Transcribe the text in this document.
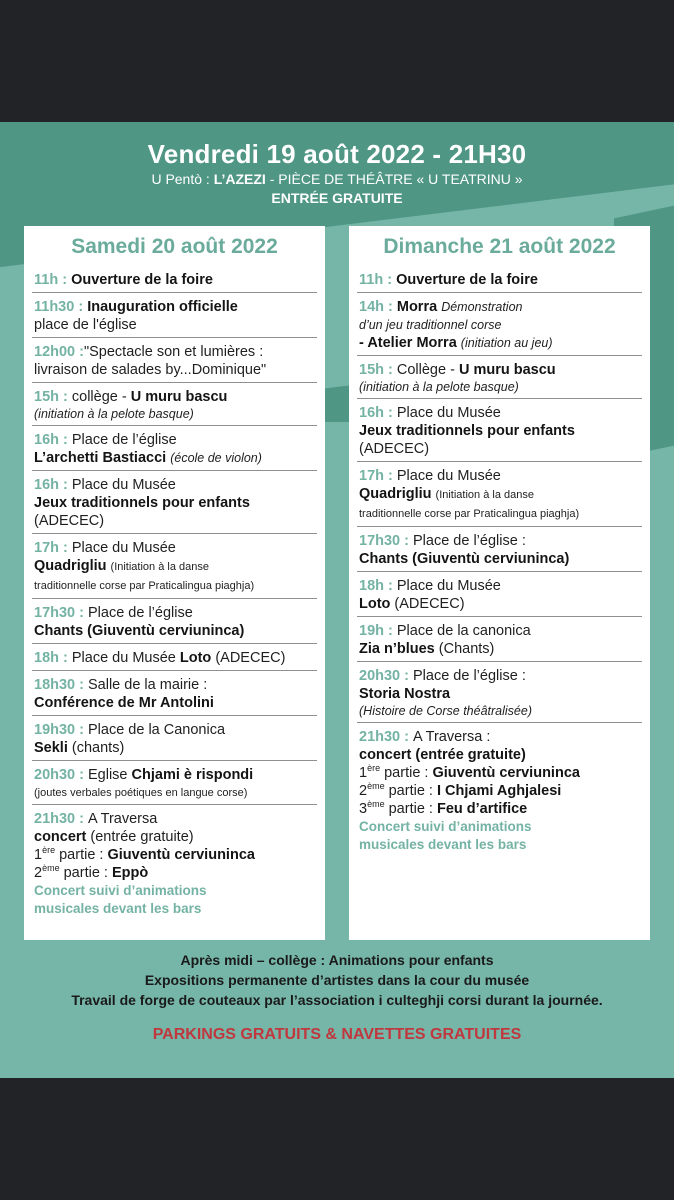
Vendredi 19 août 2022 - 21H30
U Pentò : L’AZEZI - PIÈCE DE THÉÂTRE « U TEATRINU »
ENTRÉE GRATUITE
Samedi 20 août 2022
11h : Ouverture de la foire
11h30 : Inauguration officielle
place de l'église
12h00 :"Spectacle son et lumières :
livraison de salades by...Dominique"
15h : collège - U muru bascu
(initiation à la pelote basque)
16h : Place de l’église
L’archetti Bastiacci (école de violon)
16h : Place du Musée
Jeux traditionnels pour enfants
(ADECEC)
17h : Place du Musée
Quadrigliu (Initiation à la danse
traditionnelle corse par Praticalingua piaghja)
17h30 : Place de l’église
Chants (Giuventù cerviuninca)
18h : Place du Musée Loto (ADECEC)
18h30 : Salle de la mairie :
Conférence de Mr Antolini
19h30 : Place de la Canonica
Sekli (chants)
20h30 : Eglise Chjami è rispondi
(joutes verbales poétiques en langue corse)
21h30 : A Traversa
concert (entrée gratuite)
1ère partie : Giuventù cerviuninca
2ème partie : Eppò
Concert suivi d’animations
musicales devant les bars
Dimanche 21 août 2022
11h : Ouverture de la foire
14h : Morra Démonstration
d’un jeu traditionnel corse
- Atelier Morra (initiation au jeu)
15h : Collège - U muru bascu
(initiation à la pelote basque)
16h : Place du Musée
Jeux traditionnels pour enfants
(ADECEC)
17h : Place du Musée
Quadrigliu (Initiation à la danse
traditionnelle corse par Praticalingua piaghja)
17h30 : Place de l’église :
Chants (Giuventù cerviuninca)
18h : Place du Musée
Loto (ADECEC)
19h : Place de la canonica
Zia n’blues (Chants)
20h30 : Place de l’église :
Storia Nostra
(Histoire de Corse théâtralisée)
21h30 : A Traversa :
concert (entrée gratuite)
1ère partie : Giuventù cerviuninca
2ème partie : I Chjami Aghjalesi
3ème partie : Feu d’artifice
Concert suivi d’animations
musicales devant les bars
Après midi – collège : Animations pour enfants
Expositions permanente d’artistes dans la cour du musée
Travail de forge de couteaux par l’association i culteghji corsi durant la journée.
PARKINGS GRATUITS & NAVETTES GRATUITES
